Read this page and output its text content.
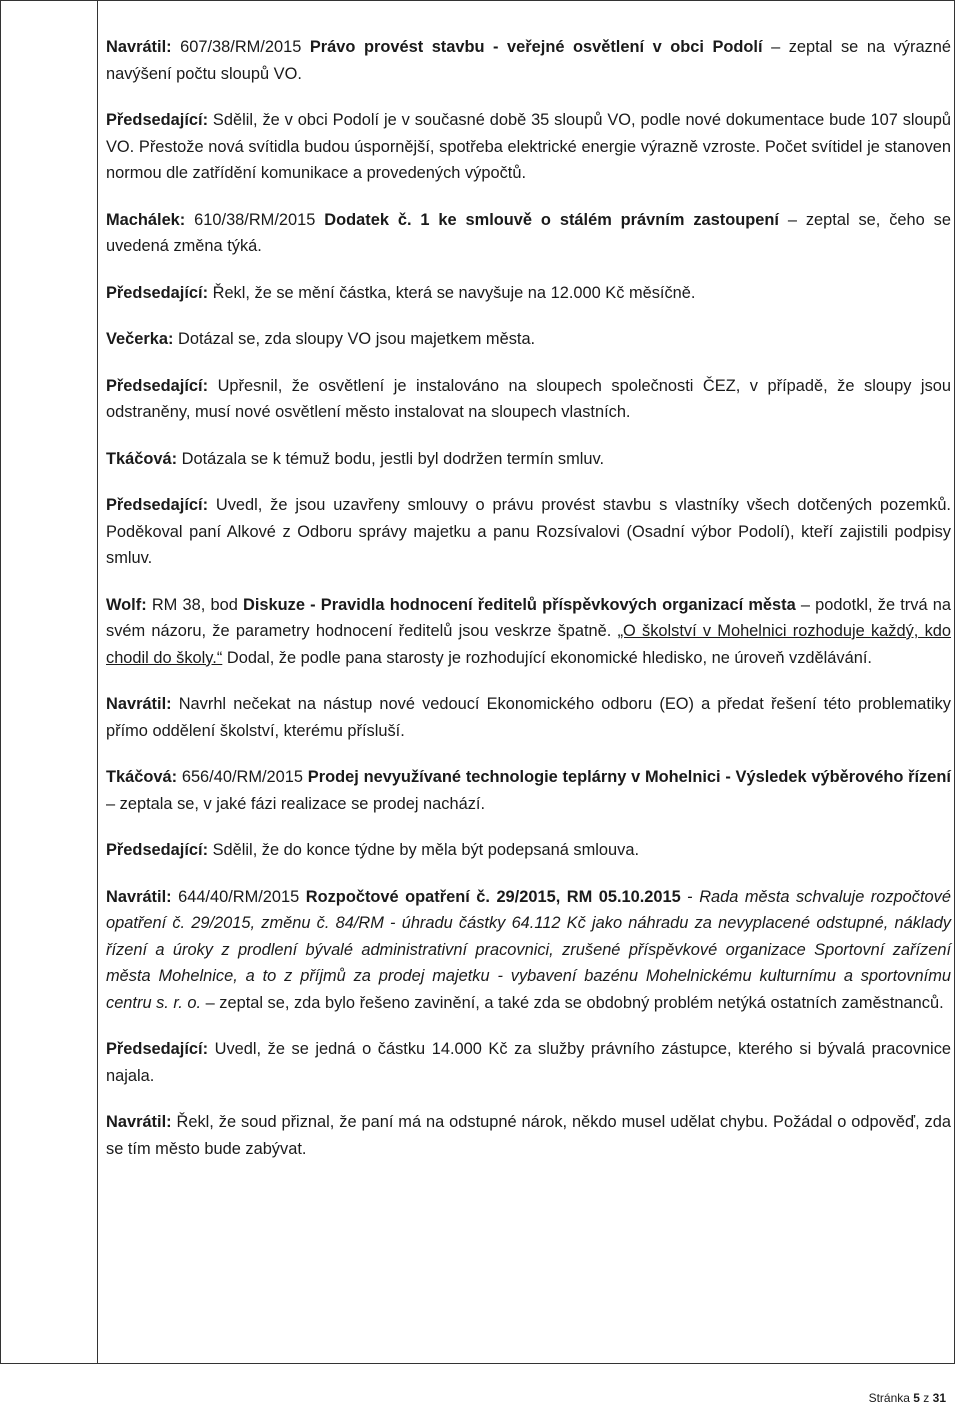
Navrátil: 607/38/RM/2015 Právo provést stavbu - veřejné osvětlení v obci Podolí – zeptal se na výrazné navýšení počtu sloupů VO.

Předsedající: Sdělil, že v obci Podolí je v současné době 35 sloupů VO, podle nové dokumentace bude 107 sloupů VO. Přestože nová svítidla budou úspornější, spotřeba elektrické energie výrazně vzroste. Počet svítidel je stanoven normou dle zatřídění komunikace a provedených výpočtů.

Machálek: 610/38/RM/2015 Dodatek č. 1 ke smlouvě o stálém právním zastoupení – zeptal se, čeho se uvedená změna týká.

Předsedající: Řekl, že se mění částka, která se navyšuje na 12.000 Kč měsíčně.

Večerka: Dotázal se, zda sloupy VO jsou majetkem města.

Předsedající: Upřesnil, že osvětlení je instalováno na sloupech společnosti ČEZ, v případě, že sloupy jsou odstraněny, musí nové osvětlení město instalovat na sloupech vlastních.

Tkáčová: Dotázala se k témuž bodu, jestli byl dodržen termín smluv.

Předsedající: Uvedl, že jsou uzavřeny smlouvy o právu provést stavbu s vlastníky všech dotčených pozemků. Poděkoval paní Alkové z Odboru správy majetku a panu Rozsívalovi (Osadní výbor Podolí), kteří zajistili podpisy smluv.

Wolf: RM 38, bod Diskuze - Pravidla hodnocení ředitelů příspěvkových organizací města – podotkl, že trvá na svém názoru, že parametry hodnocení ředitelů jsou veskrze špatně. „O školství v Mohelnici rozhoduje každý, kdo chodil do školy.“ Dodal, že podle pana starosty je rozhodující ekonomické hledisko, ne úroveň vzdělávání.

Navrátil: Navrhl nečekat na nástup nové vedoucí Ekonomického odboru (EO) a předat řešení této problematiky přímo oddělení školství, kterému přísluší.

Tkáčová: 656/40/RM/2015 Prodej nevyužívané technologie teplárny v Mohelnici - Výsledek výběrového řízení – zeptala se, v jaké fázi realizace se prodej nachází.

Předsedající: Sdělil, že do konce týdne by měla být podepsaná smlouva.

Navrátil: 644/40/RM/2015 Rozpočtové opatření č. 29/2015, RM 05.10.2015 - Rada města schvaluje rozpočtové opatření č. 29/2015, změnu č. 84/RM - úhradu částky 64.112 Kč jako náhradu za nevyplacené odstupné, náklady řízení a úroky z prodlení bývalé administrativní pracovnici, zrušené příspěvkové organizace Sportovní zařízení města Mohelnice, a to z příjmů za prodej majetku - vybavení bazénu Mohelnickému kulturnímu a sportovnímu centru s. r. o. – zeptal se, zda bylo řešeno zavinění, a také zda se obdobný problém netýká ostatních zaměstnanců.

Předsedající: Uvedl, že se jedná o částku 14.000 Kč za služby právního zástupce, kterého si bývalá pracovnice najala.

Navrátil: Řekl, že soud přiznal, že paní má na odstupné nárok, někdo musel udělat chybu. Požádal o odpověď, zda se tím město bude zabývat.

Stránka 5 z 31
